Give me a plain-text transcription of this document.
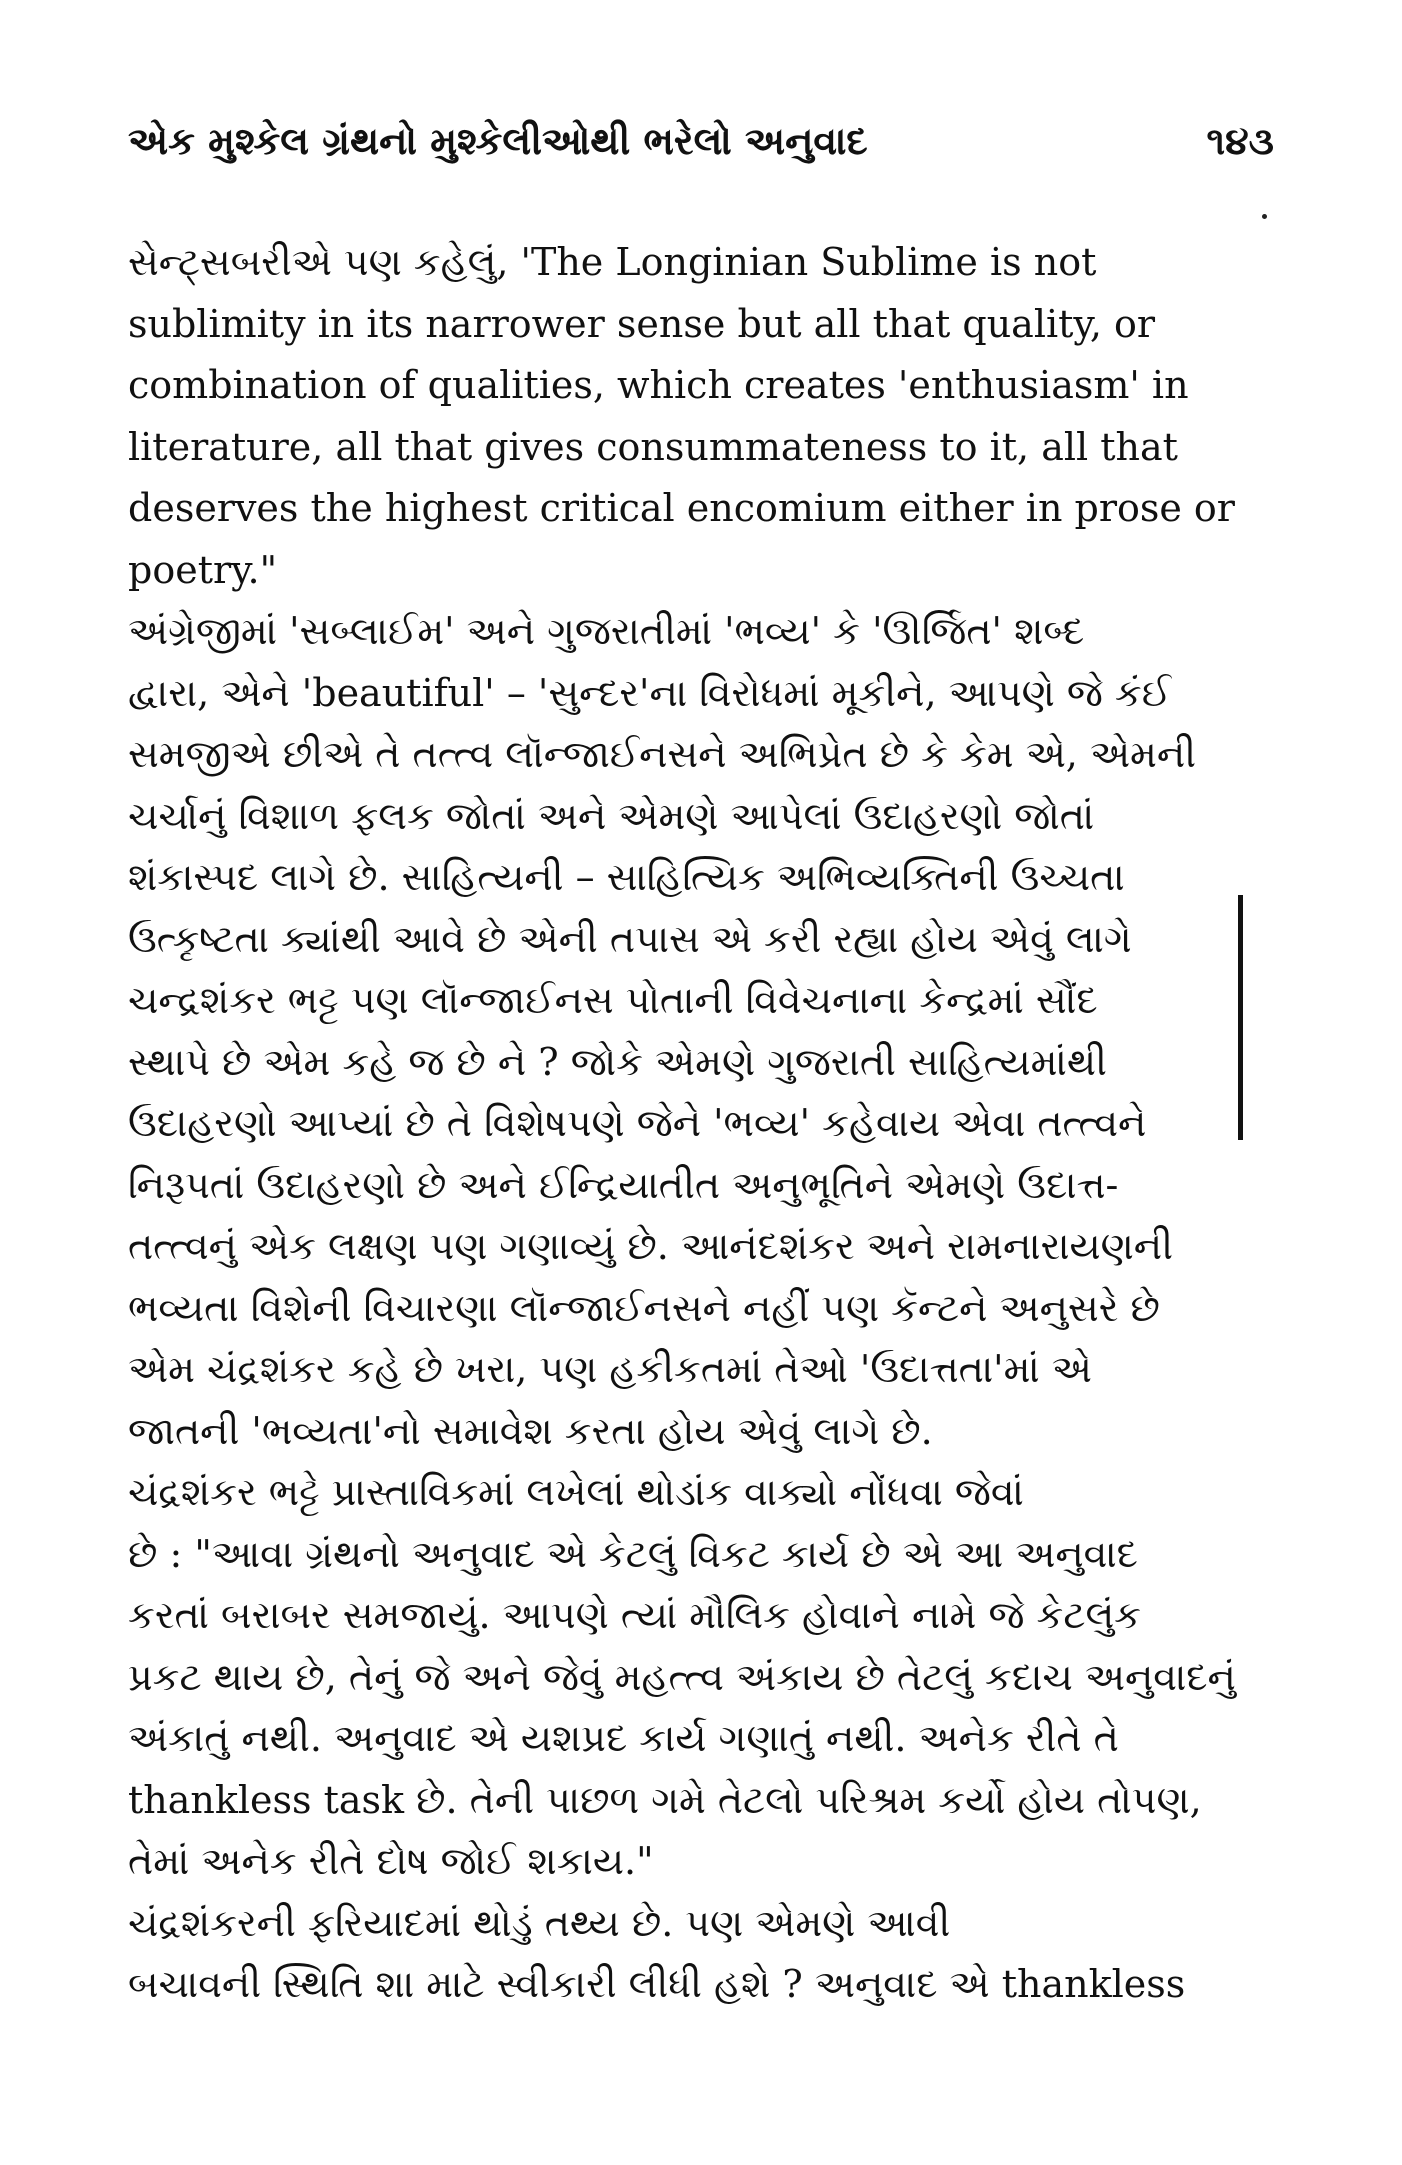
એક મુશ્કેલ ગ્રંથનો મુશ્કેલીઓથી ભરેલો અનુવાદ	૧૪૩

સેન્ટ્સબરીએ પણ કહેલું, 'The Longinian Sublime is not
sublimity in its narrower sense but all that quality, or
combination of qualities, which creates 'enthusiasm' in
literature, all that gives consummateness to it, all that
deserves the highest critical encomium either in prose or
poetry."

અંગ્રેજીમાં 'સબ્લાઈમ' અને ગુજરાતીમાં 'ભવ્ય' કે 'ઊર્જિત' શબ્દ
દ્વારા, એને 'beautiful' – 'સુન્દર'ના વિરોધમાં મૂકીને, આપણે જે કંઈ
સમજીએ છીએ તે તત્ત્વ લૉન્જાઈનસને અભિપ્રેત છે કે કેમ એ, એમની
ચર્ચાનું વિશાળ ફલક જોતાં અને એમણે આપેલાં ઉદાહરણો જોતાં
શંકાસ્પદ લાગે છે. સાહિત્યની – સાહિત્યિક અભિવ્યક્તિની ઉચ્ચતા
ઉત્કૃષ્ટતા ક્યાંથી આવે છે એની તપાસ એ કરી રહ્યા હોય એવું લાગે
ચન્દ્રશંકર ભટ્ટ પણ લૉન્જાઈનસ પોતાની વિવેચનાના કેન્દ્રમાં સૌંદ
સ્થાપે છે એમ કહે જ છે ને ? જોકે એમણે ગુજરાતી સાહિત્યમાંથી
ઉદાહરણો આપ્યાં છે તે વિશેષપણે જેને 'ભવ્ય' કહેવાય એવા તત્ત્વને
નિરૂપતાં ઉદાહરણો છે અને ઈન્દ્રિયાતીત અનુભૂતિને એમણે ઉદાત્ત-
તત્ત્વનું એક લક્ષણ પણ ગણાવ્યું છે. આનંદશંકર અને રામનારાયણની
ભવ્યતા વિશેની વિચારણા લૉન્જાઈનસને નહીં પણ કૅન્ટને અનુસરે છે
એમ ચંદ્રશંકર કહે છે ખરા, પણ હકીકતમાં તેઓ 'ઉદાત્તતા'માં એ
જાતની 'ભવ્યતા'નો સમાવેશ કરતા હોય એવું લાગે છે.

ચંદ્રશંકર ભટ્ટે પ્રાસ્તાવિકમાં લખેલાં થોડાંક વાક્યો નોંધવા જેવાં
છે : "આવા ગ્રંથનો અનુવાદ એ કેટલું વિકટ કાર્ય છે એ આ અનુવાદ
કરતાં બરાબર સમજાયું. આપણે ત્યાં મૌલિક હોવાને નામે જે કેટલુંક
પ્રકટ થાય છે, તેનું જે અને જેવું મહત્ત્વ અંકાય છે તેટલું કદાચ અનુવાદનું
અંકાતું નથી. અનુવાદ એ યશપ્રદ કાર્ય ગણાતું નથી. અનેક રીતે તે
thankless task છે. તેની પાછળ ગમે તેટલો પરિશ્રમ કર્યો હોય તોપણ,
તેમાં અનેક રીતે દોષ જોઈ શકાય."

ચંદ્રશંકરની ફરિયાદમાં થોડું તથ્ય છે. પણ એમણે આવી
બચાવની સ્થિતિ શા માટે સ્વીકારી લીધી હશે ? અનુવાદ એ thankless
